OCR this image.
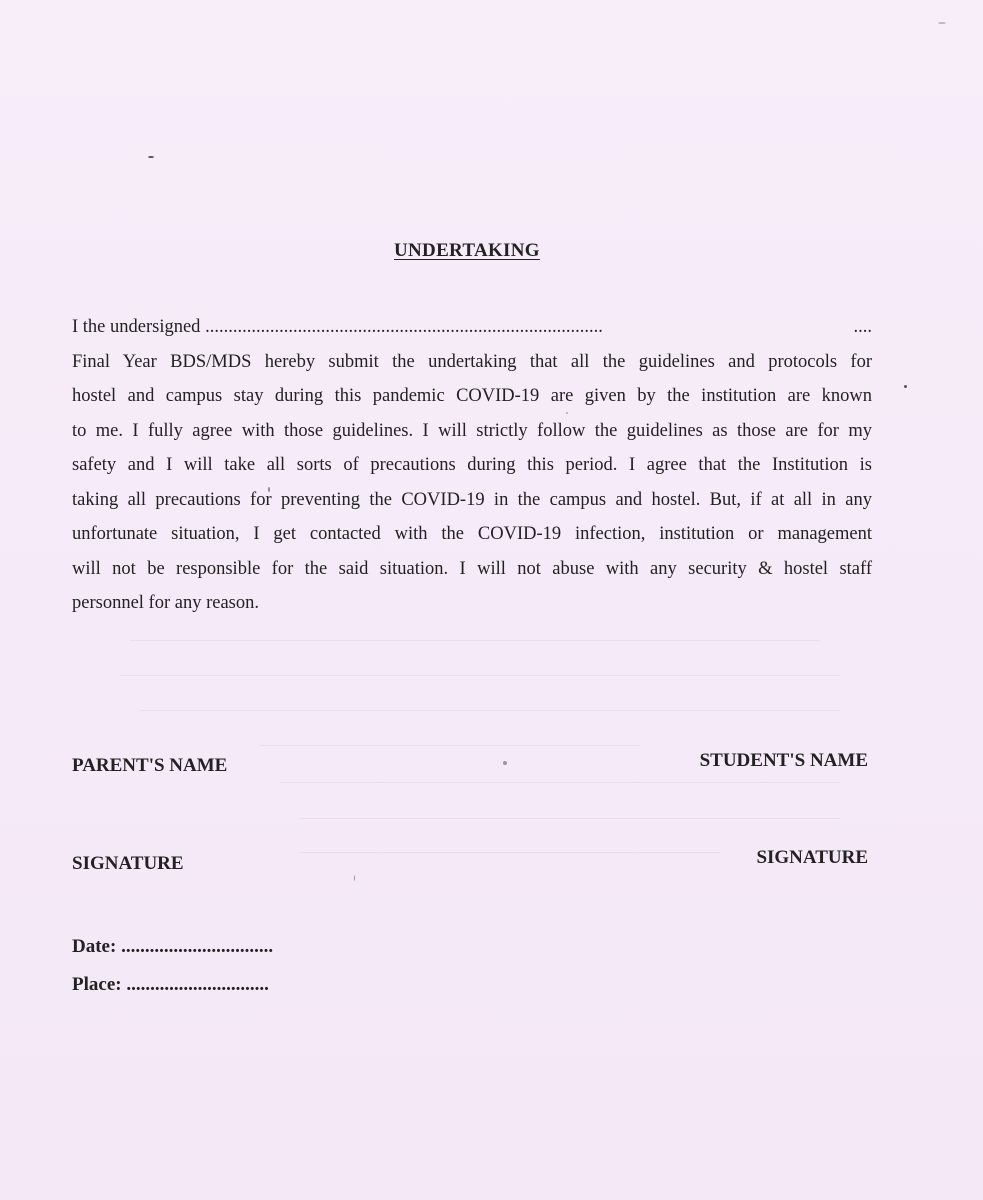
UNDERTAKING
I the undersigned ......................................................................................	....
Final Year BDS/MDS hereby submit the undertaking that all the guidelines and protocols for
hostel and campus stay during this pandemic COVID-19 are given by the institution are known
to me. I fully agree with those guidelines. I will strictly follow the guidelines as those are for my
safety and I will take all sorts of precautions during this period. I agree that the Institution is
taking all precautions for preventing the COVID-19 in the campus and hostel. But, if at all in any
unfortunate situation, I get contacted with the COVID-19 infection, institution or management
will not be responsible for the said situation. I will not abuse with any security & hostel staff
personnel for any reason.

PARENT'S NAME	STUDENT'S NAME

SIGNATURE	SIGNATURE

Date: ................................

Place: ..............................
